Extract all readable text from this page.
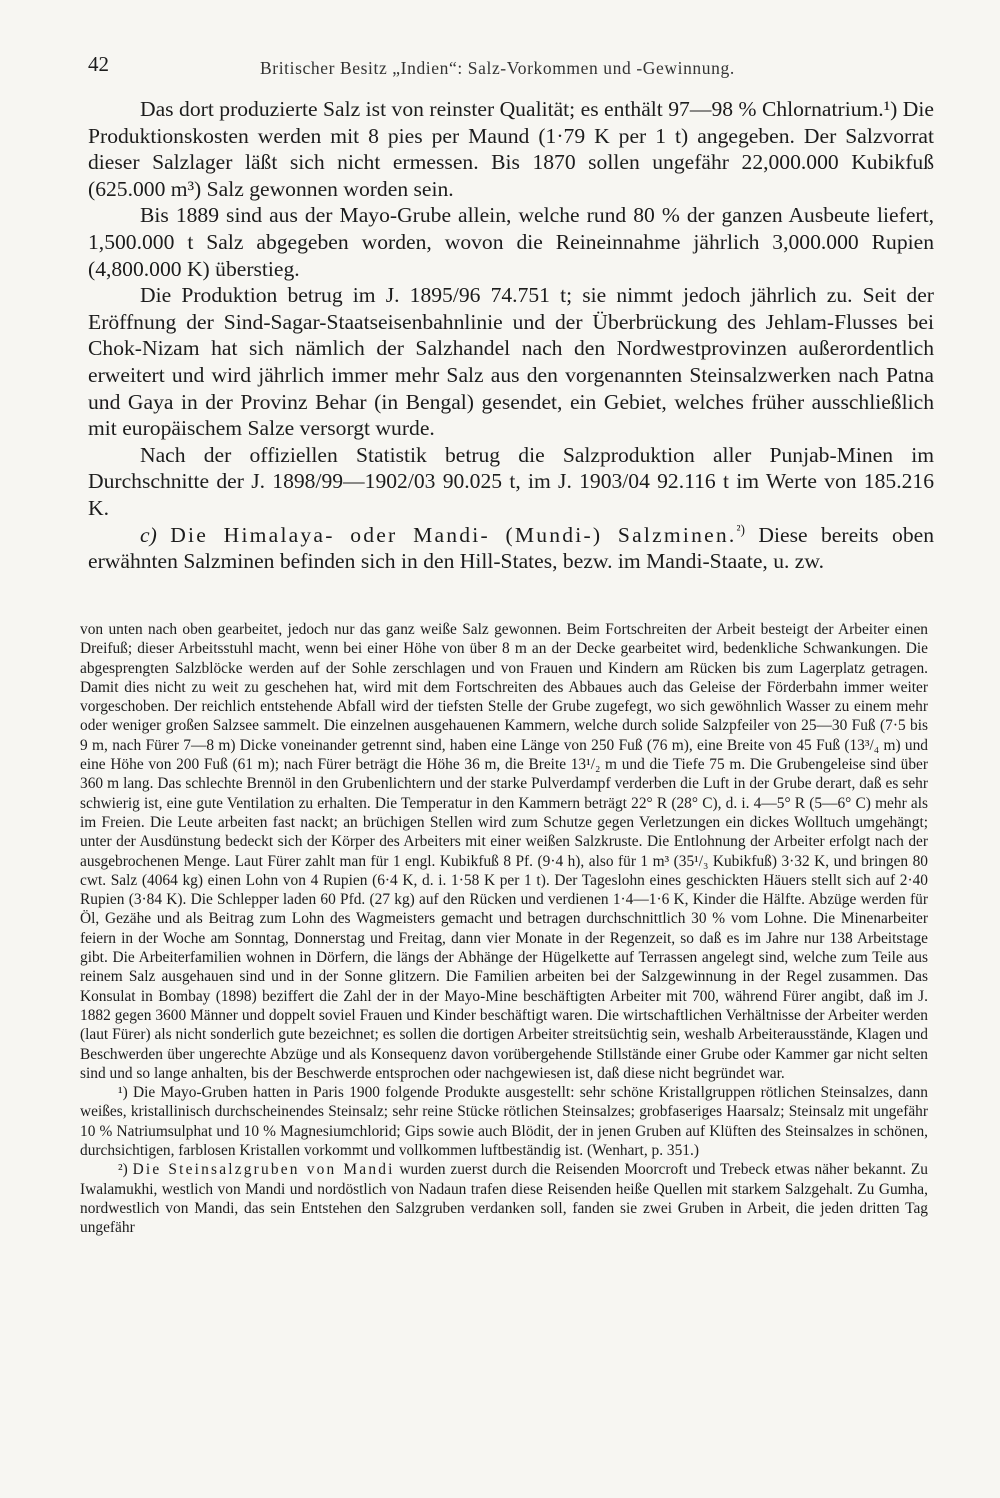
42	Britischer Besitz „Indien“: Salz-Vorkommen und -Gewinnung.

Das dort produzierte Salz ist von reinster Qualität; es enthält 97—98 % Chlornatrium.¹) Die Produktionskosten werden mit 8 pies per Maund (1·79 K per 1 t) angegeben. Der Salzvorrat dieser Salzlager läßt sich nicht ermessen. Bis 1870 sollen ungefähr 22,000.000 Kubikfuß (625.000 m³) Salz gewonnen worden sein.

Bis 1889 sind aus der Mayo-Grube allein, welche rund 80 % der ganzen Ausbeute liefert, 1,500.000 t Salz abgegeben worden, wovon die Reineinnahme jährlich 3,000.000 Rupien (4,800.000 K) überstieg.

Die Produktion betrug im J. 1895/96 74.751 t; sie nimmt jedoch jährlich zu. Seit der Eröffnung der Sind-Sagar-Staatseisenbahnlinie und der Überbrückung des Jehlam-Flusses bei Chok-Nizam hat sich nämlich der Salzhandel nach den Nordwestprovinzen außerordentlich erweitert und wird jährlich immer mehr Salz aus den vorgenannten Steinsalzwerken nach Patna und Gaya in der Provinz Behar (in Bengal) gesendet, ein Gebiet, welches früher ausschließlich mit europäischem Salze versorgt wurde.

Nach der offiziellen Statistik betrug die Salzproduktion aller Punjab-Minen im Durchschnitte der J. 1898/99—1902/03 90.025 t, im J. 1903/04 92.116 t im Werte von 185.216 K.

c) Die Himalaya- oder Mandi- (Mundi-) Salzminen.$^{^2)}$ Diese bereits oben erwähnten Salzminen befinden sich in den Hill-States, bezw. im Mandi-Staate, u. zw.

von unten nach oben gearbeitet, jedoch nur das ganz weiße Salz gewonnen. Beim Fortschreiten der Arbeit besteigt der Arbeiter einen Dreifuß; dieser Arbeitsstuhl macht, wenn bei einer Höhe von über 8 m an der Decke gearbeitet wird, bedenkliche Schwankungen. Die abgesprengten Salzblöcke werden auf der Sohle zerschlagen und von Frauen und Kindern am Rücken bis zum Lagerplatz getragen. Damit dies nicht zu weit zu geschehen hat, wird mit dem Fortschreiten des Abbaues auch das Geleise der Förderbahn immer weiter vorgeschoben. Der reichlich entstehende Abfall wird der tiefsten Stelle der Grube zugefegt, wo sich gewöhnlich Wasser zu einem mehr oder weniger großen Salzsee sammelt. Die einzelnen ausgehauenen Kammern, welche durch solide Salzpfeiler von 25—30 Fuß (7·5 bis 9 m, nach Fürer 7—8 m) Dicke voneinander getrennt sind, haben eine Länge von 250 Fuß (76 m), eine Breite von 45 Fuß (13³/₄ m) und eine Höhe von 200 Fuß (61 m); nach Fürer beträgt die Höhe 36 m, die Breite 13¹/₂ m und die Tiefe 75 m. Die Grubengeleise sind über 360 m lang. Das schlechte Brennöl in den Grubenlichtern und der starke Pulverdampf verderben die Luft in der Grube derart, daß es sehr schwierig ist, eine gute Ventilation zu erhalten. Die Temperatur in den Kammern beträgt 22° R (28° C), d. i. 4—5° R (5—6° C) mehr als im Freien. Die Leute arbeiten fast nackt; an brüchigen Stellen wird zum Schutze gegen Verletzungen ein dickes Wolltuch umgehängt; unter der Ausdünstung bedeckt sich der Körper des Arbeiters mit einer weißen Salzkruste. Die Entlohnung der Arbeiter erfolgt nach der ausgebrochenen Menge. Laut Fürer zahlt man für 1 engl. Kubikfuß 8 Pf. (9·4 h), also für 1 m³ (35¹/₃ Kubikfuß) 3·32 K, und bringen 80 cwt. Salz (4064 kg) einen Lohn von 4 Rupien (6·4 K, d. i. 1·58 K per 1 t). Der Tageslohn eines geschickten Häuers stellt sich auf 2·40 Rupien (3·84 K). Die Schlepper laden 60 Pfd. (27 kg) auf den Rücken und verdienen 1·4—1·6 K, Kinder die Hälfte. Abzüge werden für Öl, Gezähe und als Beitrag zum Lohn des Wagmeisters gemacht und betragen durchschnittlich 30 % vom Lohne. Die Minenarbeiter feiern in der Woche am Sonntag, Donnerstag und Freitag, dann vier Monate in der Regenzeit, so daß es im Jahre nur 138 Arbeitstage gibt. Die Arbeiterfamilien wohnen in Dörfern, die längs der Abhänge der Hügelkette auf Terrassen angelegt sind, welche zum Teile aus reinem Salz ausgehauen sind und in der Sonne glitzern. Die Familien arbeiten bei der Salzgewinnung in der Regel zusammen. Das Konsulat in Bombay (1898) beziffert die Zahl der in der Mayo-Mine beschäftigten Arbeiter mit 700, während Fürer angibt, daß im J. 1882 gegen 3600 Männer und doppelt soviel Frauen und Kinder beschäftigt waren. Die wirtschaftlichen Verhältnisse der Arbeiter werden (laut Fürer) als nicht sonderlich gute bezeichnet; es sollen die dortigen Arbeiter streitsüchtig sein, weshalb Arbeiterausstände, Klagen und Beschwerden über ungerechte Abzüge und als Konsequenz davon vorübergehende Stillstände einer Grube oder Kammer gar nicht selten sind und so lange anhalten, bis der Beschwerde entsprochen oder nachgewiesen ist, daß diese nicht begründet war.

¹) Die Mayo-Gruben hatten in Paris 1900 folgende Produkte ausgestellt: sehr schöne Kristallgruppen rötlichen Steinsalzes, dann weißes, kristallinisch durchscheinendes Steinsalz; sehr reine Stücke rötlichen Steinsalzes; grobfaseriges Haarsalz; Steinsalz mit ungefähr 10 % Natriumsulphat und 10 % Magnesiumchlorid; Gips sowie auch Blödit, der in jenen Gruben auf Klüften des Steinsalzes in schönen, durchsichtigen, farblosen Kristallen vorkommt und vollkommen luftbeständig ist. (Wenhart, p. 351.)

²) Die Steinsalzgruben von Mandi wurden zuerst durch die Reisenden Moorcroft und Trebeck etwas näher bekannt. Zu Iwalamukhi, westlich von Mandi und nordöstlich von Nadaun trafen diese Reisenden heiße Quellen mit starkem Salzgehalt. Zu Gumha, nordwestlich von Mandi, das sein Entstehen den Salzgruben verdanken soll, fanden sie zwei Gruben in Arbeit, die jeden dritten Tag ungefähr
